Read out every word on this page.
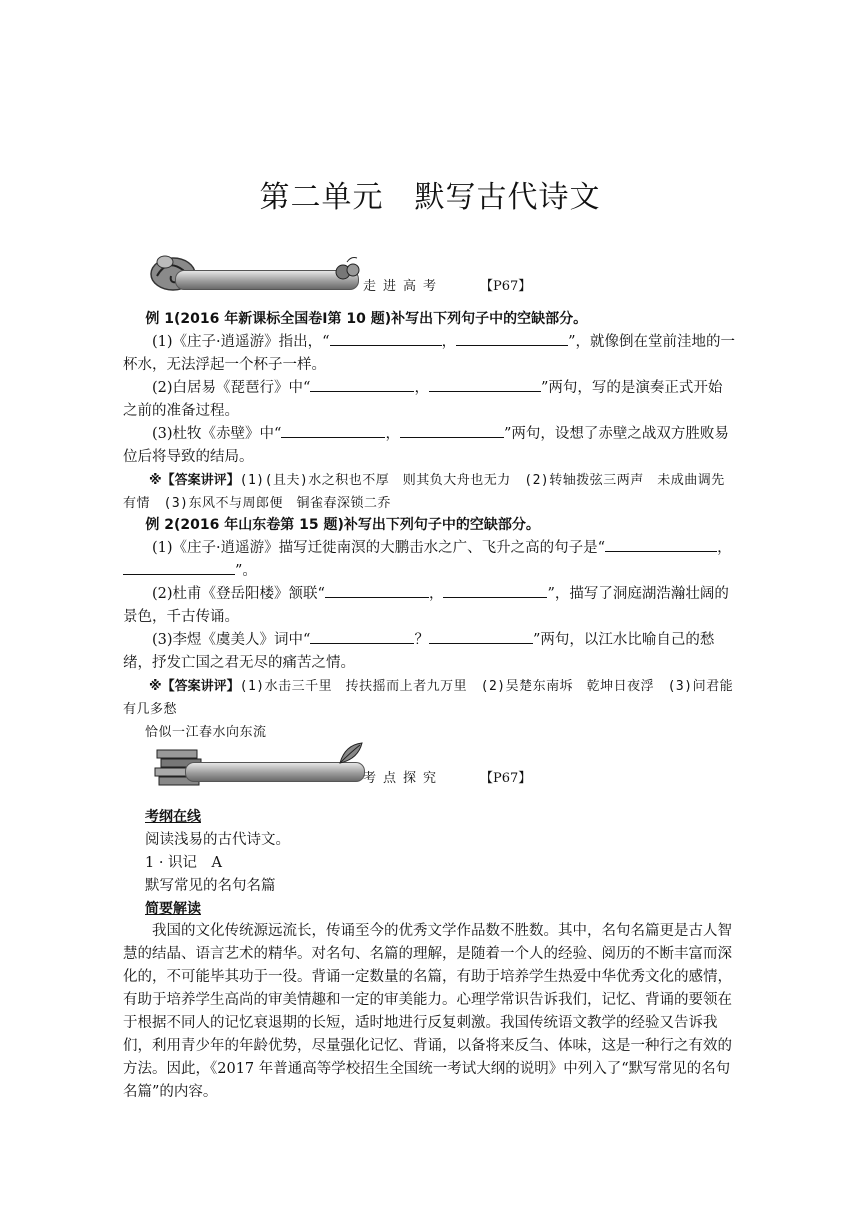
第二单元　默写古代诗文
走进高考	【P67】

例 1(2016 年新课标全国卷Ⅰ第 10 题)补写出下列句子中的空缺部分。

(1)《庄子·逍遥游》指出，“	，	”，就像倒在堂前洼地的一杯水，无法浮起一个杯子一样。

(2)白居易《琵琶行》中“	，	”两句，写的是演奏正式开始之前的准备过程。

(3)杜牧《赤壁》中“	，	”两句，设想了赤壁之战双方胜败易位后将导致的结局。

※【答案讲评】(1)(且夫)水之积也不厚　则其负大舟也无力　(2)转轴拨弦三两声　未成曲调先有情　(3)东风不与周郎便　铜雀春深锁二乔

例 2(2016 年山东卷第 15 题)补写出下列句子中的空缺部分。

(1)《庄子·逍遥游》描写迁徙南溟的大鹏击水之广、飞升之高的句子是“	，”。

(2)杜甫《登岳阳楼》颔联“	，	”，描写了洞庭湖浩瀚壮阔的景色，千古传诵。

(3)李煜《虞美人》词中“	？	”两句，以江水比喻自己的愁绪，抒发亡国之君无尽的痛苦之情。

※【答案讲评】(1)水击三千里　抟扶摇而上者九万里　(2)吴楚东南坼　乾坤日夜浮　(3)问君能有几多愁

恰似一江春水向东流

考点探究	【P67】

考纲在线

阅读浅易的古代诗文。

1 · 识记　A

默写常见的名句名篇

简要解读

我国的文化传统源远流长，传诵至今的优秀文学作品数不胜数。其中，名句名篇更是古人智慧的结晶、语言艺术的精华。对名句、名篇的理解，是随着一个人的经验、阅历的不断丰富而深化的，不可能毕其功于一役。背诵一定数量的名篇，有助于培养学生热爱中华优秀文化的感情，有助于培养学生高尚的审美情趣和一定的审美能力。心理学常识告诉我们，记忆、背诵的要领在于根据不同人的记忆衰退期的长短，适时地进行反复刺激。我国传统语文教学的经验又告诉我们，利用青少年的年龄优势，尽量强化记忆、背诵，以备将来反刍、体味，这是一种行之有效的方法。因此，《2017 年普通高等学校招生全国统一考试大纲的说明》中列入了“默写常见的名句名篇”的内容。
